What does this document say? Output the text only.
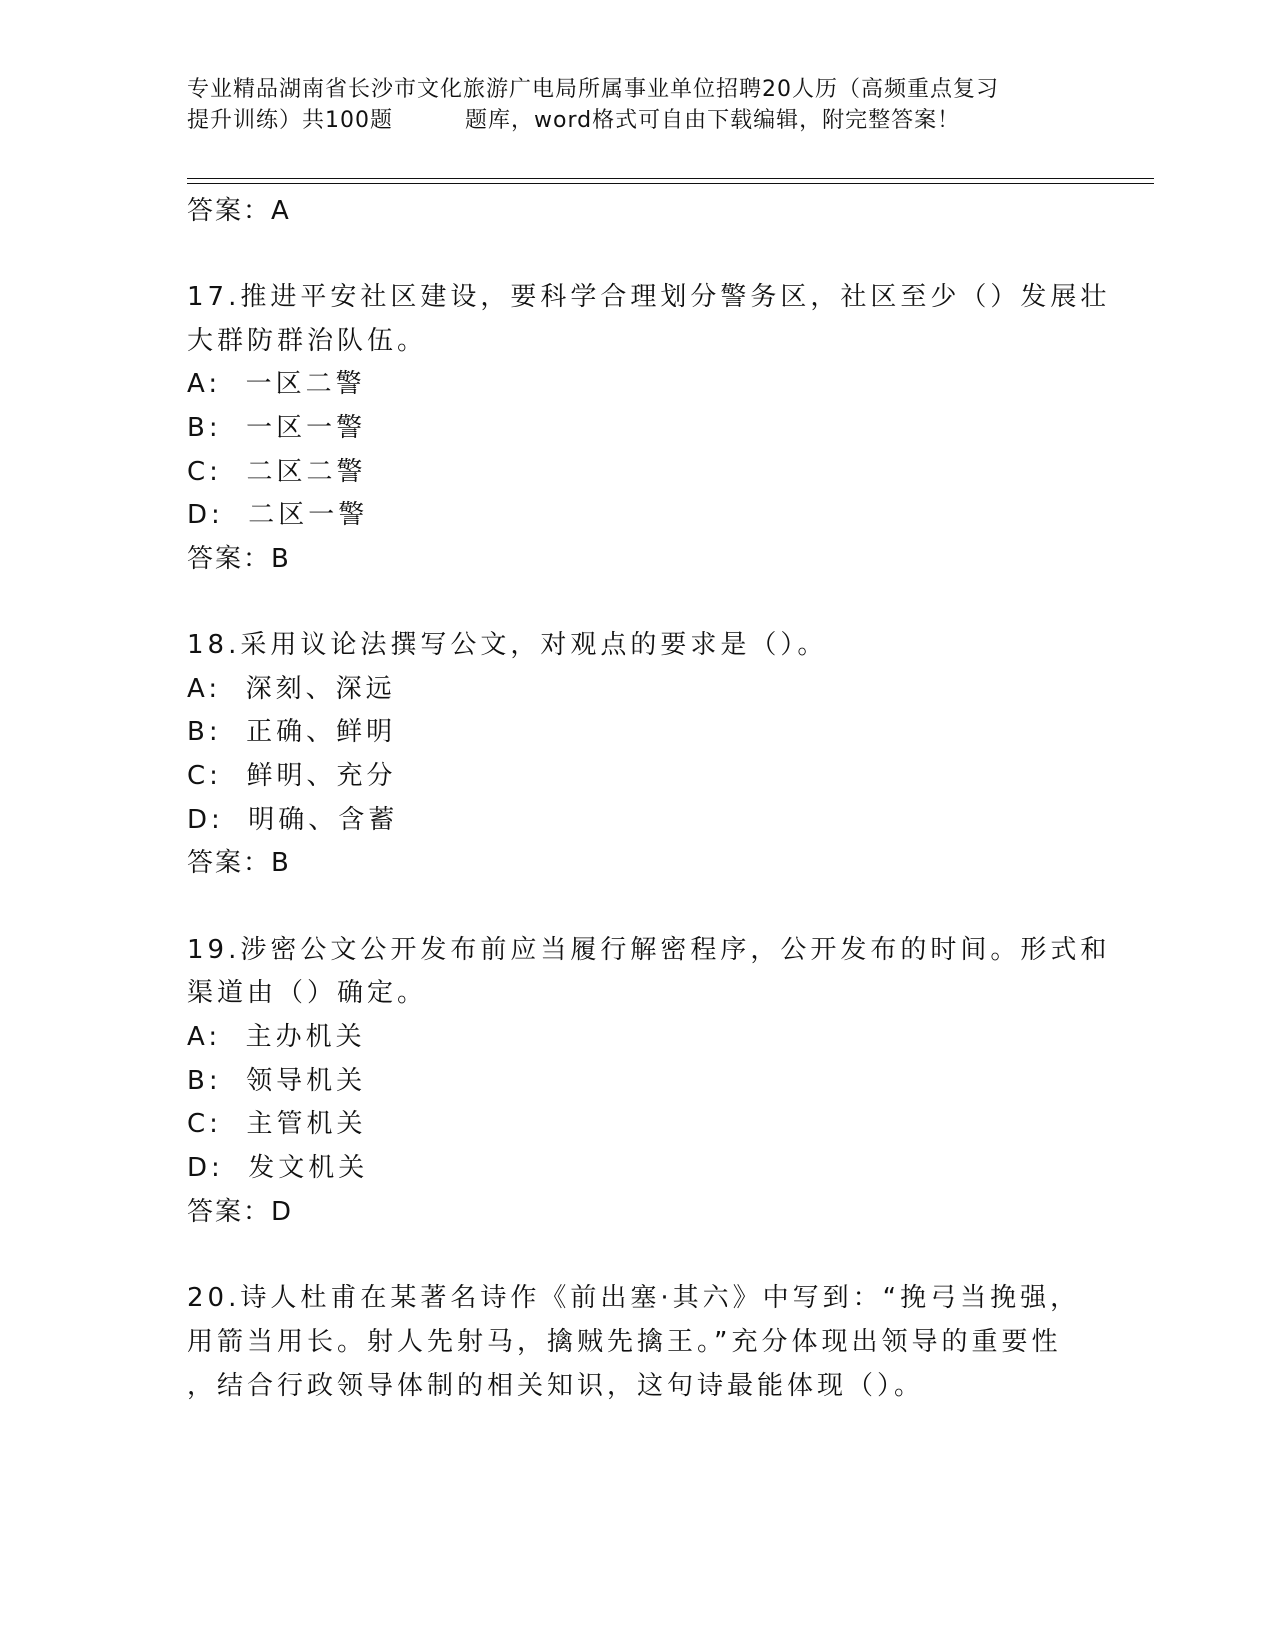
专业精品湖南省长沙市文化旅游广电局所属事业单位招聘20人历（高频重点复习
提升训练）共100题	题库，word格式可自由下载编辑，附完整答案！
答案：A
17.推进平安社区建设，要科学合理划分警务区，社区至少（）发展壮
大群防群治队伍。
A:  一区二警
B:  一区一警
C:  二区二警
D:  二区一警
答案：B
18.采用议论法撰写公文，对观点的要求是（）。
A:  深刻、深远
B:  正确、鲜明
C:  鲜明、充分
D:  明确、含蓄
答案：B
19.涉密公文公开发布前应当履行解密程序，公开发布的时间。形式和
渠道由（）确定。
A:  主办机关
B:  领导机关
C:  主管机关
D:  发文机关
答案：D
20.诗人杜甫在某著名诗作《前出塞·其六》中写到：“挽弓当挽强，
用箭当用长。射人先射马，擒贼先擒王。”充分体现出领导的重要性
，结合行政领导体制的相关知识，这句诗最能体现（）。
